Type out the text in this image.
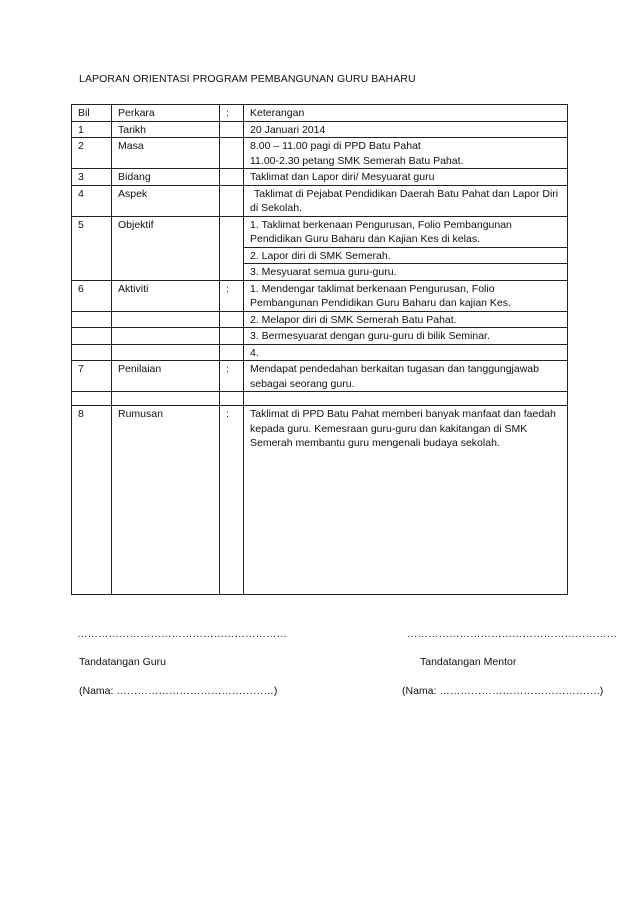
LAPORAN ORIENTASI PROGRAM PEMBANGUNAN GURU BAHARU
Bil	Perkara	:	Keterangan
1	Tarikh		20 Januari 2014
2	Masa		8.00 – 11.00 pagi di PPD Batu Pahat
11.00-2.30 petang SMK Semerah Batu Pahat.

3	Bidang		Taklimat dan Lapor diri/ Mesyuarat guru
4	Aspek		Taklimat di Pejabat Pendidikan Daerah Batu Pahat dan Lapor Diri
di Sekolah.

5	Objektif		1. Taklimat berkenaan Pengurusan, Folio Pembangunan
Pendidikan Guru Baharu dan Kajian Kes di kelas.

			2. Lapor diri di SMK Semerah.
			3. Mesyuarat semua guru-guru.
6	Aktiviti	:	1. Mendengar taklimat berkenaan Pengurusan, Folio
Pembangunan Pendidikan Guru Baharu dan kajian Kes.

			2. Melapor diri di SMK Semerah Batu Pahat.
			3. Bermesyuarat dengan guru-guru di bilik Seminar.
			4.
7	Penilaian	:	Mendapat pendedahan berkaitan tugasan dan tanggungjawab
sebagai seorang guru.

8	Rumusan	:	Taklimat di PPD Batu Pahat memberi banyak manfaat dan faedah
kepada guru. Kemesraan guru-guru dan kakitangan di SMK
Semerah membantu guru mengenali budaya sekolah.
……………………………………………………	……………………………………………………
Tandatangan Guru	Tandatangan Mentor
(Nama: ………………………………………)	(Nama: ……………………………………….)
